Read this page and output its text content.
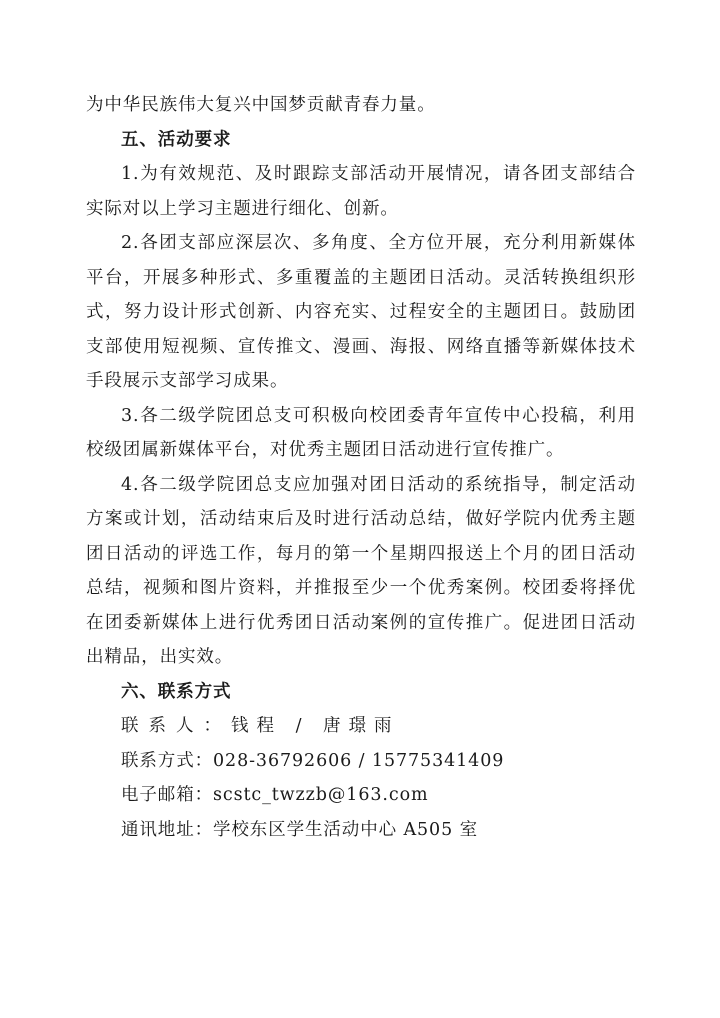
为中华民族伟大复兴中国梦贡献青春力量。

五、活动要求

1.为有效规范、及时跟踪支部活动开展情况，请各团支部结合实际对以上学习主题进行细化、创新。

2.各团支部应深层次、多角度、全方位开展，充分利用新媒体平台，开展多种形式、多重覆盖的主题团日活动。灵活转换组织形式，努力设计形式创新、内容充实、过程安全的主题团日。鼓励团支部使用短视频、宣传推文、漫画、海报、网络直播等新媒体技术手段展示支部学习成果。

3.各二级学院团总支可积极向校团委青年宣传中心投稿，利用校级团属新媒体平台，对优秀主题团日活动进行宣传推广。

4.各二级学院团总支应加强对团日活动的系统指导，制定活动方案或计划，活动结束后及时进行活动总结，做好学院内优秀主题团日活动的评选工作，每月的第一个星期四报送上个月的团日活动总结，视频和图片资料，并推报至少一个优秀案例。校团委将择优在团委新媒体上进行优秀团日活动案例的宣传推广。促进团日活动出精品，出实效。

六、联系方式

联系人：钱程 / 唐璟雨

联系方式：028-36792606 / 15775341409

电子邮箱：scstc_twzzb@163.com

通讯地址：学校东区学生活动中心 A505 室
